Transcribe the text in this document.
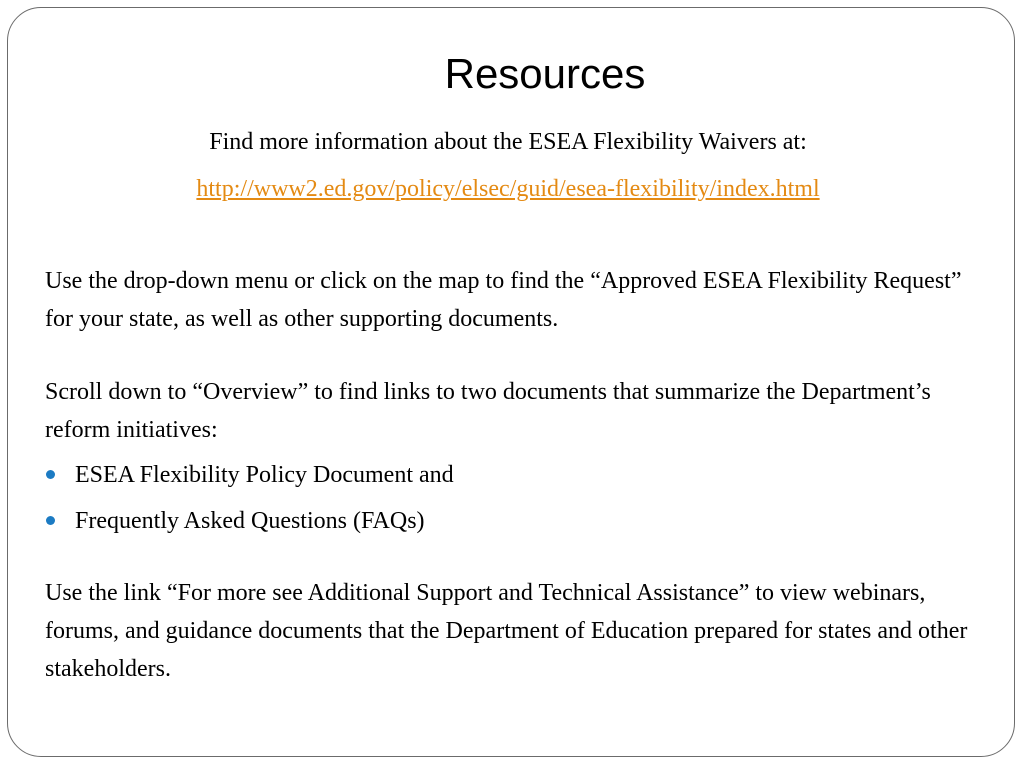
Resources
Find more information about the ESEA Flexibility Waivers at:
http://www2.ed.gov/policy/elsec/guid/esea-flexibility/index.html

Use the drop-down menu or click on the map to find the “Approved ESEA Flexibility Request” for your state, as well as other supporting documents.

Scroll down to “Overview” to find links to two documents that summarize the Department’s reform initiatives:

ESEA Flexibility Policy Document and
Frequently Asked Questions (FAQs)

Use the link “For more see Additional Support and Technical Assistance” to view webinars, forums, and guidance documents that the Department of Education prepared for states and other stakeholders.
